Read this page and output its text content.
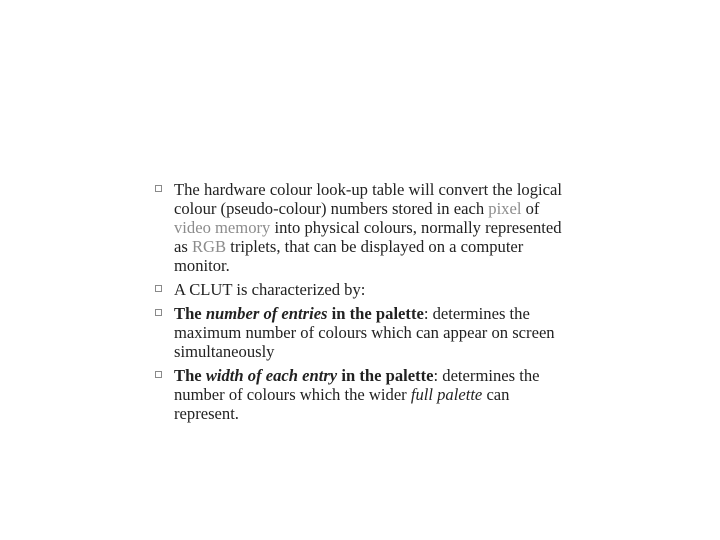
The hardware colour look-up table will convert the logical colour (pseudo-colour) numbers stored in each pixel of video memory into physical colours, normally represented as RGB triplets, that can be displayed on a computer monitor.
A CLUT is characterized by:
The number of entries in the palette: determines the maximum number of colours which can appear on screen simultaneously
The width of each entry in the palette: determines the number of colours which the wider full palette can represent.
